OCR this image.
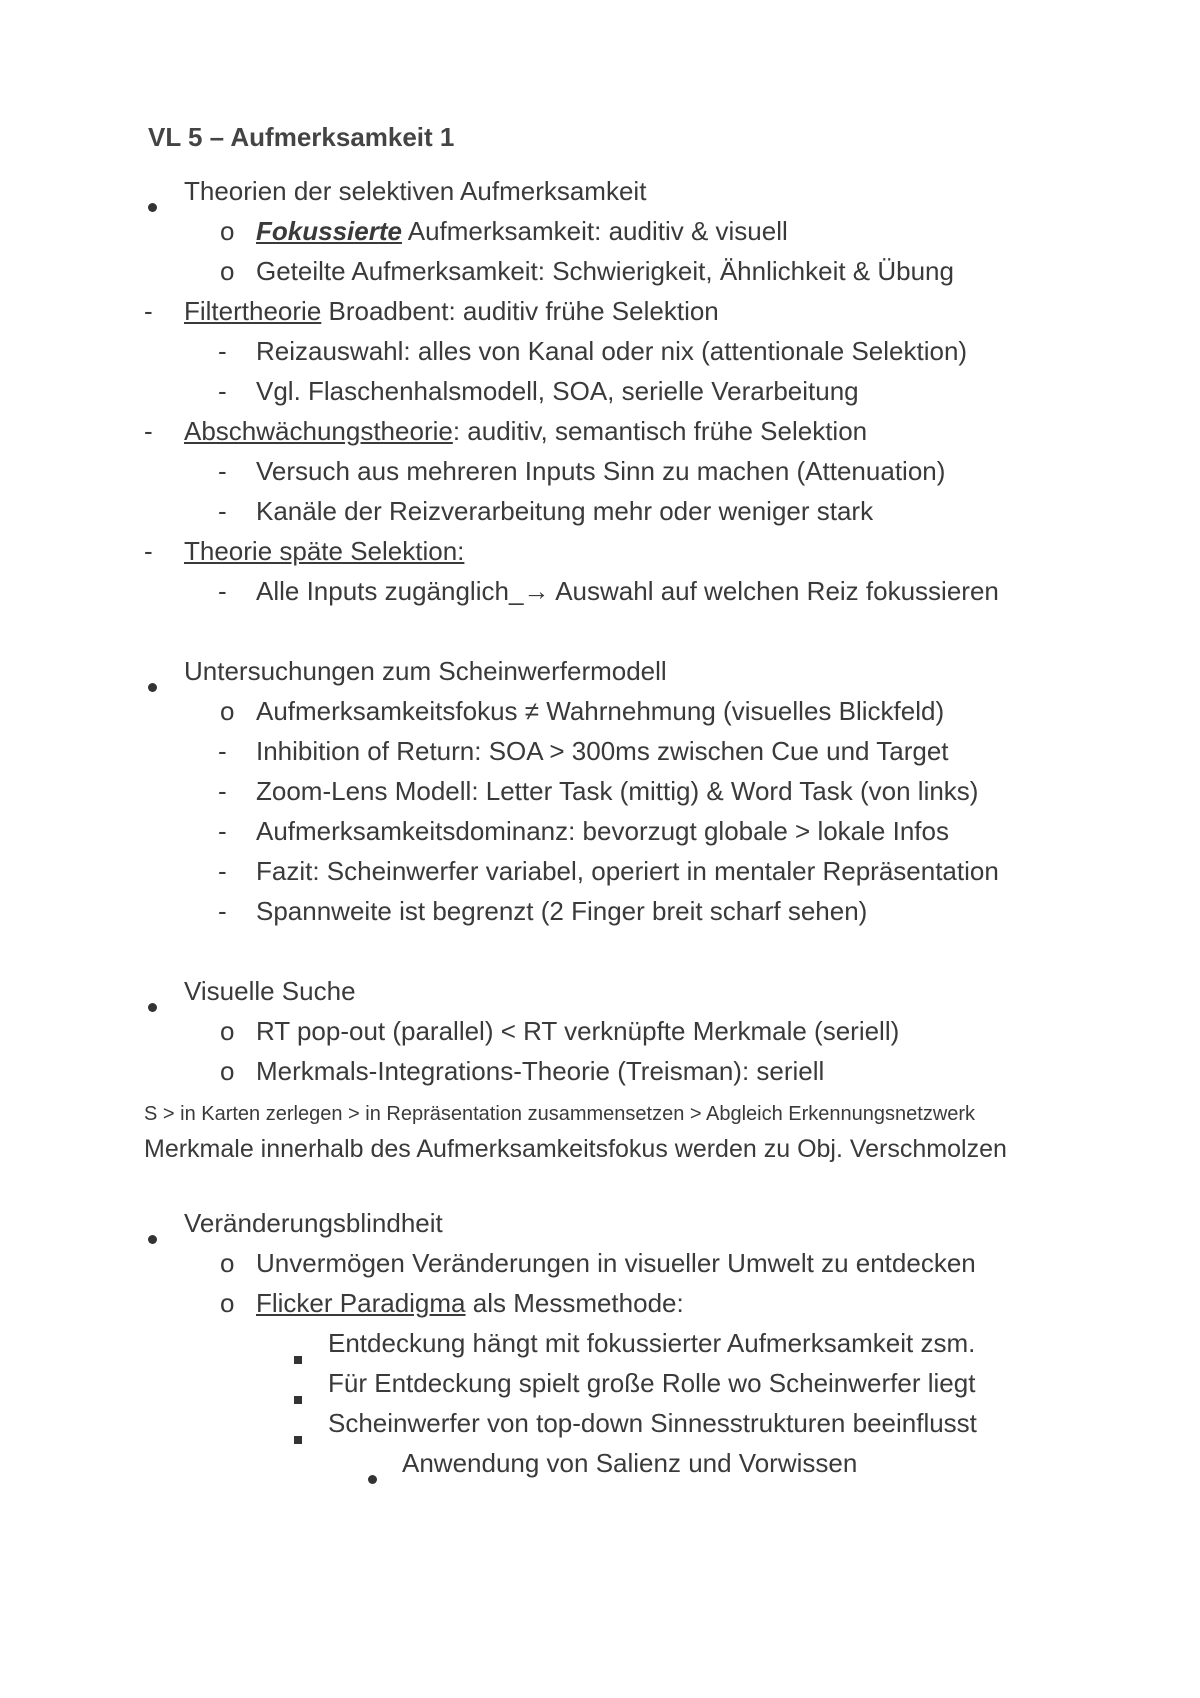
VL 5 – Aufmerksamkeit 1
Theorien der selektiven Aufmerksamkeit
o Fokussierte Aufmerksamkeit: auditiv & visuell
o Geteilte Aufmerksamkeit: Schwierigkeit, Ähnlichkeit & Übung
- Filtertheorie Broadbent: auditiv frühe Selektion
- Reizauswahl: alles von Kanal oder nix (attentionale Selektion)
- Vgl. Flaschenhalsmodell, SOA, serielle Verarbeitung
- Abschwächungstheorie: auditiv, semantisch frühe Selektion
- Versuch aus mehreren Inputs Sinn zu machen (Attenuation)
- Kanäle der Reizverarbeitung mehr oder weniger stark
- Theorie späte Selektion:
- Alle Inputs zugänglich_→ Auswahl auf welchen Reiz fokussieren
Untersuchungen zum Scheinwerfermodell
o Aufmerksamkeitsfokus ≠ Wahrnehmung (visuelles Blickfeld)
- Inhibition of Return: SOA > 300ms zwischen Cue und Target
- Zoom-Lens Modell: Letter Task (mittig) & Word Task (von links)
- Aufmerksamkeitsdominanz: bevorzugt globale > lokale Infos
- Fazit: Scheinwerfer variabel, operiert in mentaler Repräsentation
- Spannweite ist begrenzt (2 Finger breit scharf sehen)
Visuelle Suche
o RT pop-out (parallel) < RT verknüpfte Merkmale (seriell)
o Merkmals-Integrations-Theorie (Treisman): seriell
S > in Karten zerlegen > in Repräsentation zusammensetzen > Abgleich Erkennungsnetzwerk
Merkmale innerhalb des Aufmerksamkeitsfokus werden zu Obj. Verschmolzen
Veränderungsblindheit
o Unvermögen Veränderungen in visueller Umwelt zu entdecken
o Flicker Paradigma als Messmethode:
Entdeckung hängt mit fokussierter Aufmerksamkeit zsm.
Für Entdeckung spielt große Rolle wo Scheinwerfer liegt
Scheinwerfer von top-down Sinnesstrukturen beeinflusst
Anwendung von Salienz und Vorwissen
